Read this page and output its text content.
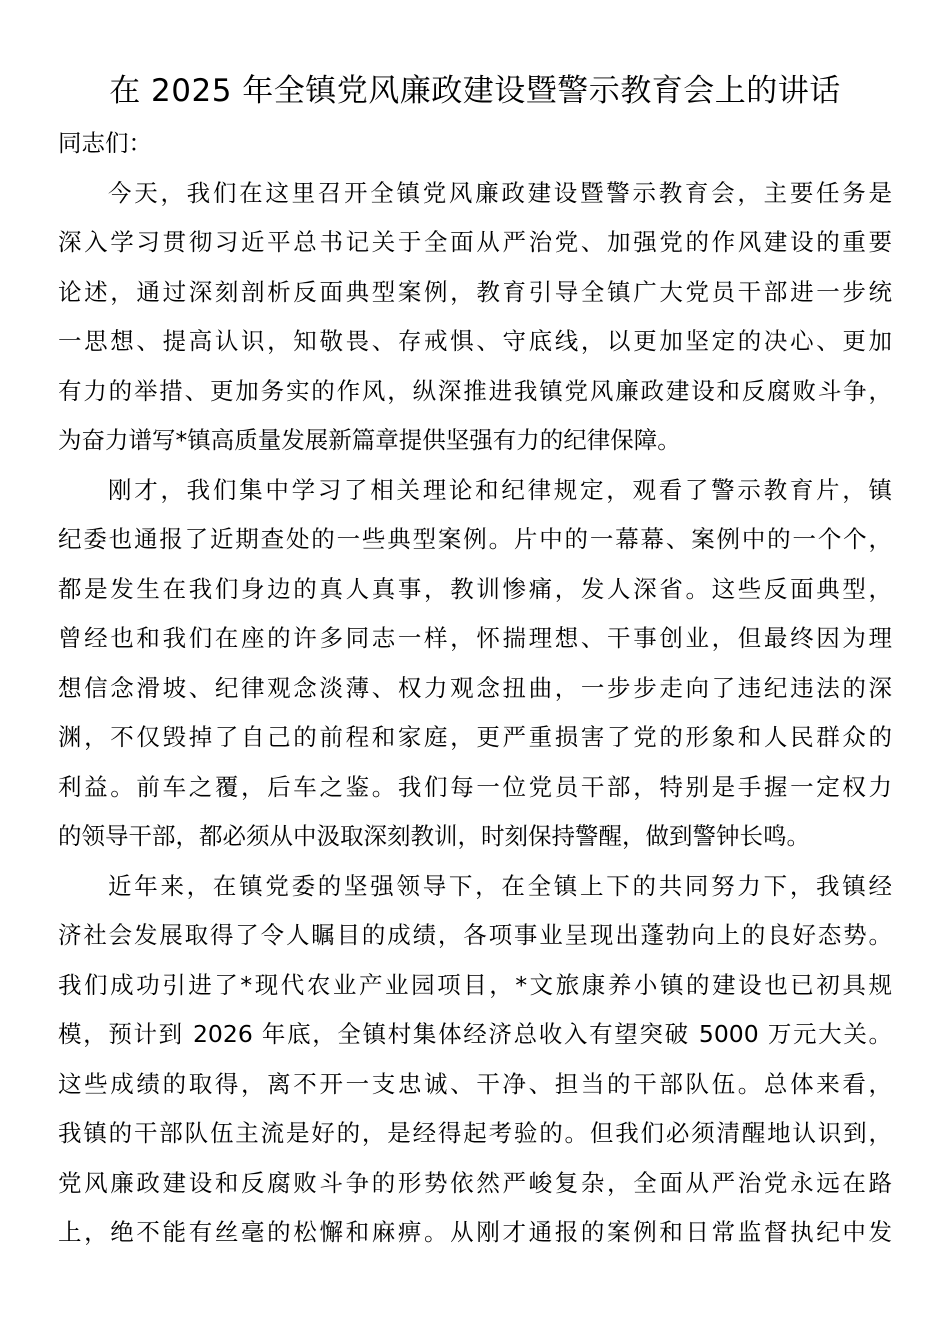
在 2025 年全镇党风廉政建设暨警示教育会上的讲话
同志们：
今天，我们在这里召开全镇党风廉政建设暨警示教育会，主要任务是
深入学习贯彻习近平总书记关于全面从严治党、加强党的作风建设的重要
论述，通过深刻剖析反面典型案例，教育引导全镇广大党员干部进一步统
一思想、提高认识，知敬畏、存戒惧、守底线，以更加坚定的决心、更加
有力的举措、更加务实的作风，纵深推进我镇党风廉政建设和反腐败斗争，
为奋力谱写*镇高质量发展新篇章提供坚强有力的纪律保障。
刚才，我们集中学习了相关理论和纪律规定，观看了警示教育片，镇
纪委也通报了近期查处的一些典型案例。片中的一幕幕、案例中的一个个，
都是发生在我们身边的真人真事，教训惨痛，发人深省。这些反面典型，
曾经也和我们在座的许多同志一样，怀揣理想、干事创业，但最终因为理
想信念滑坡、纪律观念淡薄、权力观念扭曲，一步步走向了违纪违法的深
渊，不仅毁掉了自己的前程和家庭，更严重损害了党的形象和人民群众的
利益。前车之覆，后车之鉴。我们每一位党员干部，特别是手握一定权力
的领导干部，都必须从中汲取深刻教训，时刻保持警醒，做到警钟长鸣。
近年来，在镇党委的坚强领导下，在全镇上下的共同努力下，我镇经
济社会发展取得了令人瞩目的成绩，各项事业呈现出蓬勃向上的良好态势。
我们成功引进了*现代农业产业园项目，*文旅康养小镇的建设也已初具规
模，预计到 2026 年底，全镇村集体经济总收入有望突破 5000 万元大关。
这些成绩的取得，离不开一支忠诚、干净、担当的干部队伍。总体来看，
我镇的干部队伍主流是好的，是经得起考验的。但我们必须清醒地认识到，
党风廉政建设和反腐败斗争的形势依然严峻复杂，全面从严治党永远在路
上，绝不能有丝毫的松懈和麻痹。从刚才通报的案例和日常监督执纪中发
